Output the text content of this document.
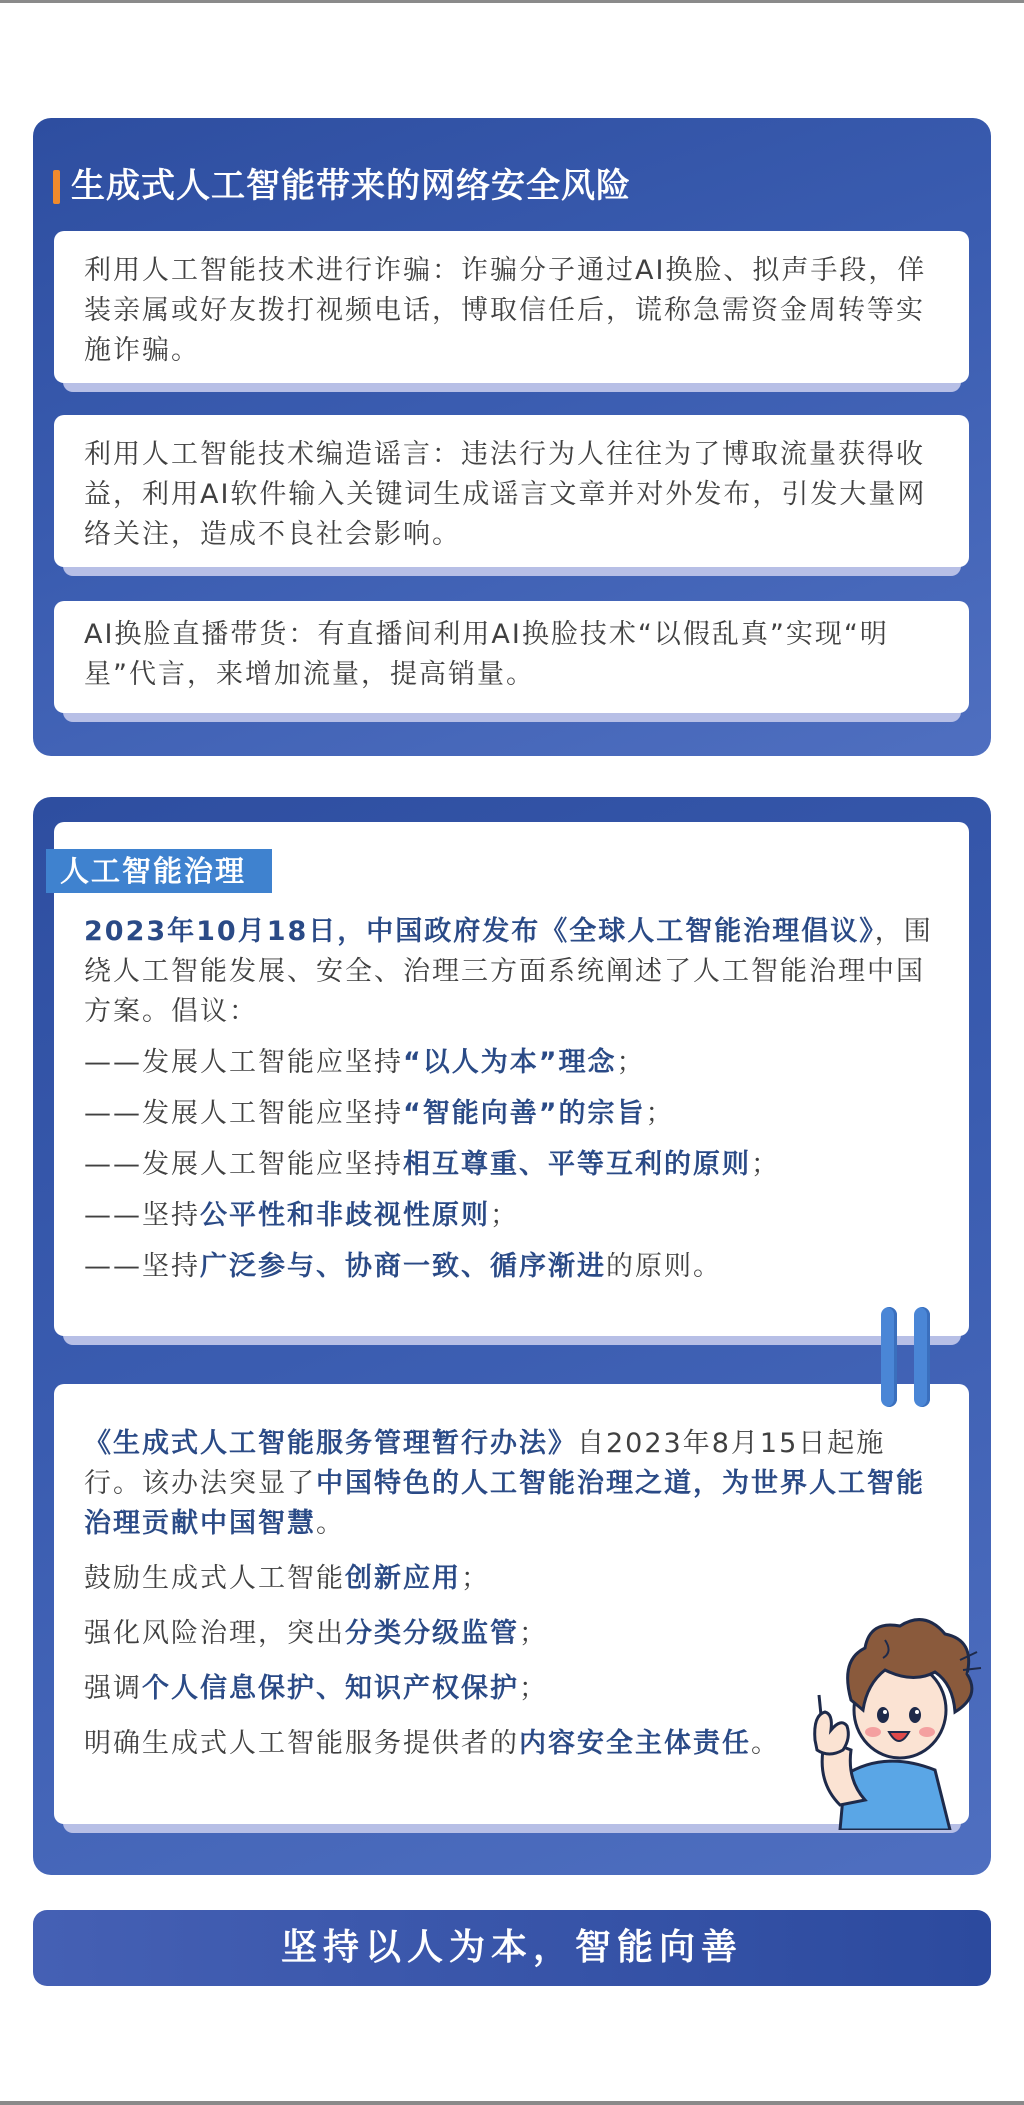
生成式人工智能带来的网络安全风险
利用人工智能技术进行诈骗：诈骗分子通过AI换脸、拟声手段，佯装亲属或好友拨打视频电话，博取信任后，谎称急需资金周转等实施诈骗。
利用人工智能技术编造谣言：违法行为人往往为了博取流量获得收益，利用AI软件输入关键词生成谣言文章并对外发布，引发大量网络关注，造成不良社会影响。
AI换脸直播带货：有直播间利用AI换脸技术“以假乱真”实现“明星”代言，来增加流量，提高销量。

2023年10月18日，中国政府发布《全球人工智能治理倡议》，围绕人工智能发展、安全、治理三方面系统阐述了人工智能治理中国方案。倡议：

——发展人工智能应坚持“以人为本”理念；

——发展人工智能应坚持“智能向善”的宗旨；

——发展人工智能应坚持相互尊重、平等互利的原则；

——坚持公平性和非歧视性原则；

——坚持广泛参与、协商一致、循序渐进的原则。

人工智能治理

《生成式人工智能服务管理暂行办法》自2023年8月15日起施行。该办法突显了中国特色的人工智能治理之道，为世界人工智能治理贡献中国智慧。

鼓励生成式人工智能创新应用；

强化风险治理，突出分类分级监管；

强调个人信息保护、知识产权保护；

明确生成式人工智能服务提供者的内容安全主体责任。

坚持以人为本，智能向善
